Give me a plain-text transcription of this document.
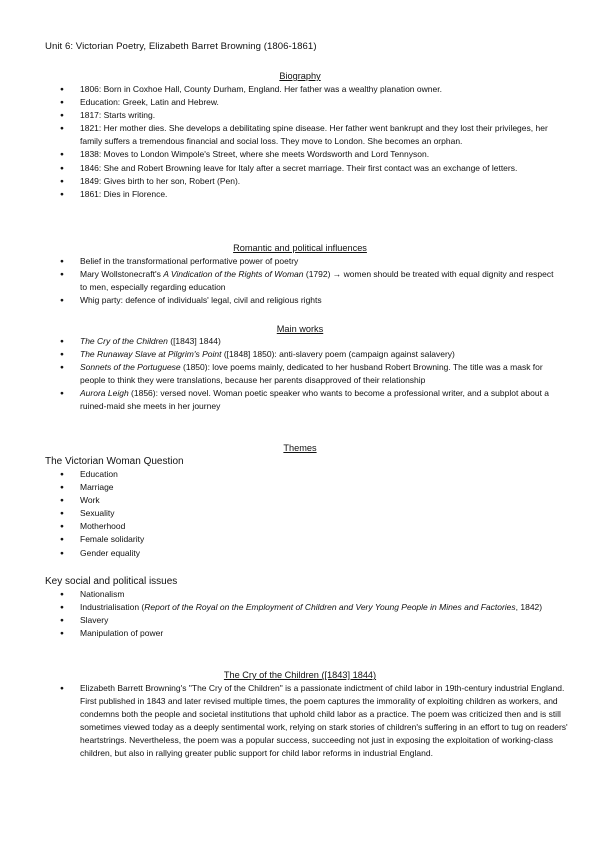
Unit 6: Victorian Poetry, Elizabeth Barret Browning (1806-1861)
Biography
● 1806: Born in Coxhoe Hall, County Durham, England. Her father was a wealthy planation owner.
● Education: Greek, Latin and Hebrew.
● 1817: Starts writing.
● 1821: Her mother dies. She develops a debilitating spine disease. Her father went bankrupt and they lost their privileges, her family suffers a tremendous financial and social loss. They move to London. She becomes an orphan.
● 1838: Moves to London Wimpole's Street, where she meets Wordsworth and Lord Tennyson.
● 1846: She and Robert Browning leave for Italy after a secret marriage. Their first contact was an exchange of letters.
● 1849: Gives birth to her son, Robert (Pen).
● 1861: Dies in Florence.
Romantic and political influences
● Belief in the transformational performative power of poetry
● Mary Wollstonecraft's A Vindication of the Rights of Woman (1792) → women should be treated with equal dignity and respect to men, especially regarding education
● Whig party: defence of individuals' legal, civil and religious rights
Main works
● The Cry of the Children ([1843] 1844)
● The Runaway Slave at Pilgrim's Point ([1848] 1850): anti-slavery poem (campaign against salavery)
● Sonnets of the Portuguese (1850): love poems mainly, dedicated to her husband Robert Browning. The title was a mask for people to think they were translations, because her parents disapproved of their relationship
● Aurora Leigh (1856): versed novel. Woman poetic speaker who wants to become a professional writer, and a subplot about a ruined-maid she meets in her journey
Themes
The Victorian Woman Question
● Education
● Marriage
● Work
● Sexuality
● Motherhood
● Female solidarity
● Gender equality
Key social and political issues
● Nationalism
● Industrialisation (Report of the Royal on the Employment of Children and Very Young People in Mines and Factories, 1842)
● Slavery
● Manipulation of power
The Cry of the Children ([1843] 1844)
● Elizabeth Barrett Browning's "The Cry of the Children" is a passionate indictment of child labor in 19th-century industrial England. First published in 1843 and later revised multiple times, the poem captures the immorality of exploiting children as workers, and condemns both the people and societal institutions that uphold child labor as a practice. The poem was criticized then and is still sometimes viewed today as a deeply sentimental work, relying on stark stories of children's suffering in an effort to tug on readers' heartstrings. Nevertheless, the poem was a popular success, succeeding not just in exposing the exploitation of working-class children, but also in rallying greater public support for child labor reforms in industrial England.
